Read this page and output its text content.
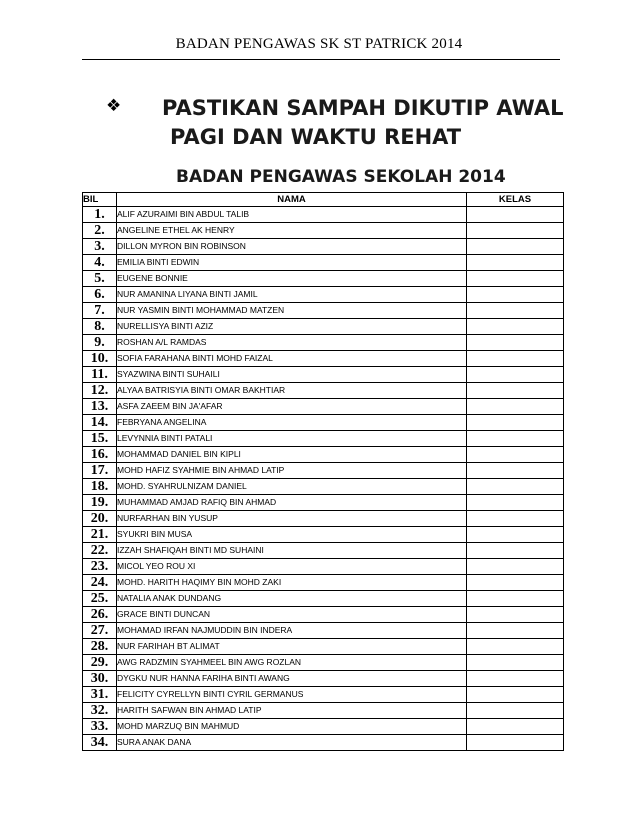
BADAN PENGAWAS SK ST PATRICK 2014
❖ PASTIKAN SAMPAH DIKUTIP AWAL
PAGI DAN WAKTU REHAT
BADAN PENGAWAS SEKOLAH 2014
BIL	NAMA	KELAS
1.	ALIF AZURAIMI BIN ABDUL TALIB	
2.	ANGELINE ETHEL AK HENRY	
3.	DILLON MYRON BIN ROBINSON	
4.	EMILIA BINTI EDWIN	
5.	EUGENE BONNIE	
6.	NUR AMANINA LIYANA BINTI JAMIL	
7.	NUR YASMIN BINTI MOHAMMAD MATZEN	
8.	NURELLISYA BINTI AZIZ	
9.	ROSHAN A/L RAMDAS	
10.	SOFIA FARAHANA BINTI MOHD FAIZAL	
11.	SYAZWINA BINTI SUHAILI	
12.	ALYAA BATRISYIA BINTI OMAR BAKHTIAR	
13.	ASFA ZAEEM BIN JA'AFAR	
14.	FEBRYANA ANGELINA	
15.	LEVYNNIA BINTI PATALI	
16.	MOHAMMAD DANIEL BIN KIPLI	
17.	MOHD HAFIZ SYAHMIE BIN AHMAD LATIP	
18.	MOHD. SYAHRULNIZAM DANIEL	
19.	MUHAMMAD AMJAD RAFIQ BIN AHMAD	
20.	NURFARHAN BIN YUSUP	
21.	SYUKRI BIN MUSA	
22.	IZZAH SHAFIQAH BINTI MD SUHAINI	
23.	MICOL YEO ROU XI	
24.	MOHD. HARITH HAQIMY BIN MOHD ZAKI	
25.	NATALIA ANAK DUNDANG	
26.	GRACE BINTI DUNCAN	
27.	MOHAMAD IRFAN NAJMUDDIN BIN INDERA	
28.	NUR FARIHAH BT ALIMAT	
29.	AWG RADZMIN SYAHMEEL BIN AWG ROZLAN	
30.	DYGKU NUR HANNA FARIHA BINTI AWANG	
31.	FELICITY CYRELLYN BINTI CYRIL GERMANUS	
32.	HARITH SAFWAN BIN AHMAD LATIP	
33.	MOHD MARZUQ BIN MAHMUD	
34.	SURA ANAK DANA	
